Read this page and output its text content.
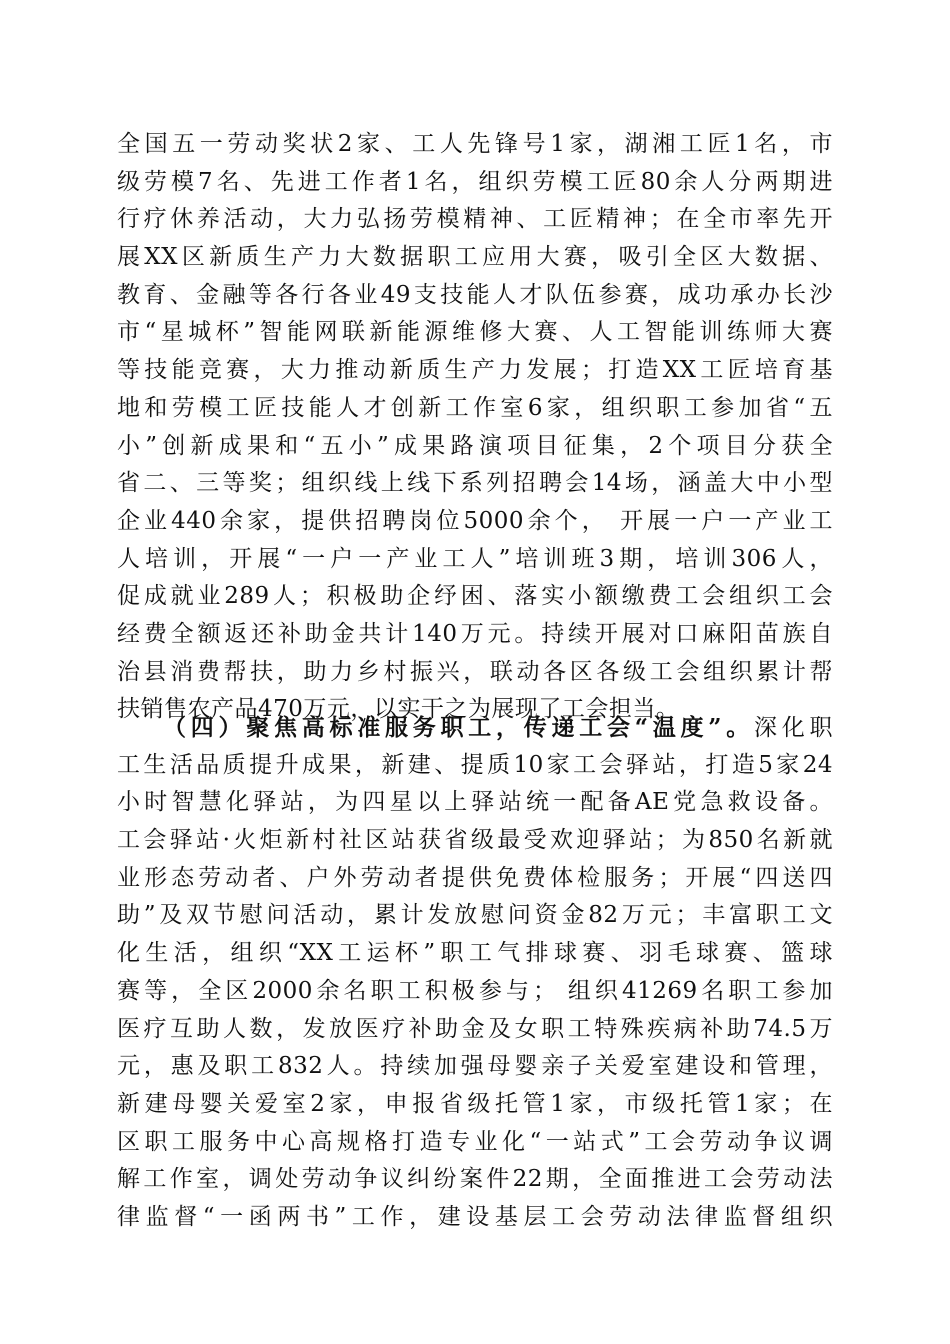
全国五一劳动奖状2家、工人先锋号1家，湖湘工匠1名，市
级劳模7名、先进工作者1名，组织劳模工匠80余人分两期进
行疗休养活动，大力弘扬劳模精神、工匠精神；在全市率先开
展XX区新质生产力大数据职工应用大赛，吸引全区大数据、
教育、金融等各行各业49支技能人才队伍参赛，成功承办长沙
市“星城杯”智能网联新能源维修大赛、人工智能训练师大赛
等技能竞赛，大力推动新质生产力发展；打造XX工匠培育基
地和劳模工匠技能人才创新工作室6家，组织职工参加省“五
小”创新成果和“五小”成果路演项目征集，2个项目分获全
省二、三等奖；组织线上线下系列招聘会14场，涵盖大中小型
企业440余家，提供招聘岗位5000余个， 开展一户一产业工
人培训，开展“一户一产业工人”培训班3期，培训306人，
促成就业289人；积极助企纾困、落实小额缴费工会组织工会
经费全额返还补助金共计140万元。持续开展对口麻阳苗族自
治县消费帮扶，助力乡村振兴，联动各区各级工会组织累计帮
扶销售农产品470万元，以实干之为展现了工会担当。
（四）聚焦高标准服务职工，传递工会“温度”。深化职
工生活品质提升成果，新建、提质10家工会驿站，打造5家24
小时智慧化驿站，为四星以上驿站统一配备AE党急救设备。
工会驿站·火炬新村社区站获省级最受欢迎驿站；为850名新就
业形态劳动者、户外劳动者提供免费体检服务；开展“四送四
助”及双节慰问活动，累计发放慰问资金82万元；丰富职工文
化生活，组织“XX工运杯”职工气排球赛、羽毛球赛、篮球
赛等，全区2000余名职工积极参与； 组织41269名职工参加
医疗互助人数，发放医疗补助金及女职工特殊疾病补助74.5万
元，惠及职工832人。持续加强母婴亲子关爱室建设和管理，
新建母婴关爱室2家，申报省级托管1家，市级托管1家；在
区职工服务中心高规格打造专业化“一站式”工会劳动争议调
解工作室，调处劳动争议纠纷案件22期，全面推进工会劳动法
律监督“一函两书”工作，建设基层工会劳动法律监督组织
